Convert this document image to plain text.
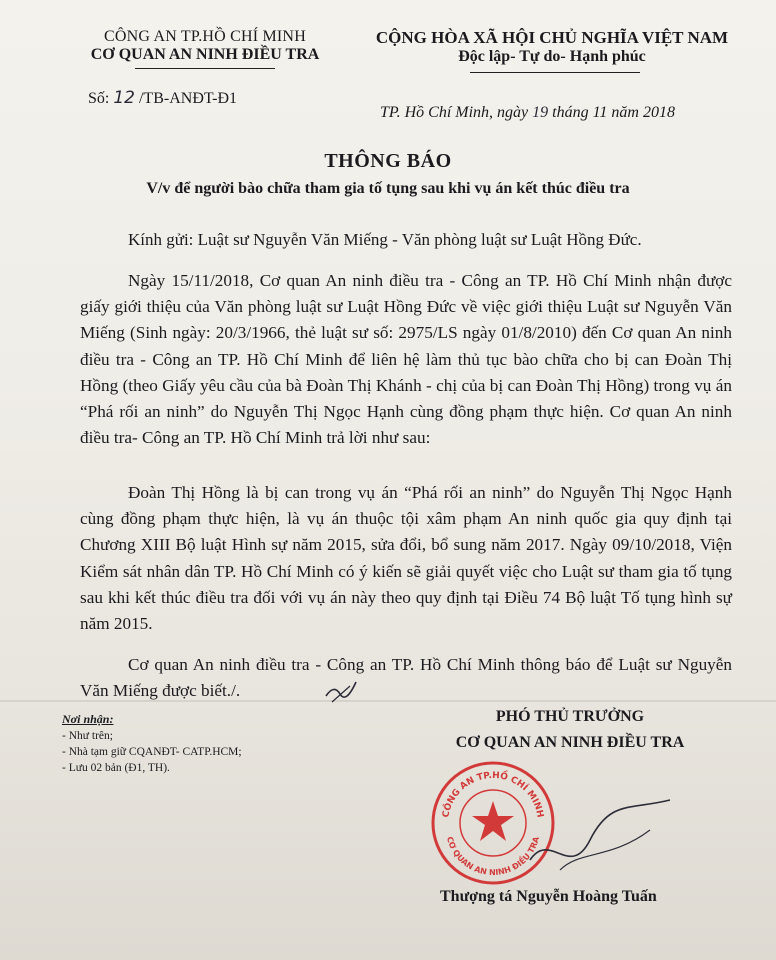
CÔNG AN TP.HỒ CHÍ MINH
CƠ QUAN AN NINH ĐIỀU TRA
CỘNG HÒA XÃ HỘI CHỦ NGHĨA VIỆT NAM
Độc lập- Tự do- Hạnh phúc
Số: 12 /TB-ANĐT-Đ1
TP. Hồ Chí Minh, ngày 19 tháng 11 năm 2018
THÔNG BÁO
V/v để người bào chữa tham gia tố tụng sau khi vụ án kết thúc điều tra
Kính gửi: Luật sư Nguyễn Văn Miếng - Văn phòng luật sư Luật Hồng Đức.

Ngày 15/11/2018, Cơ quan An ninh điều tra - Công an TP. Hồ Chí Minh nhận được giấy giới thiệu của Văn phòng luật sư Luật Hồng Đức về việc giới thiệu Luật sư Nguyễn Văn Miếng (Sinh ngày: 20/3/1966, thẻ luật sư số: 2975/LS ngày 01/8/2010) đến Cơ quan An ninh điều tra - Công an TP. Hồ Chí Minh để liên hệ làm thủ tục bào chữa cho bị can Đoàn Thị Hồng (theo Giấy yêu cầu của bà Đoàn Thị Khánh - chị của bị can Đoàn Thị Hồng) trong vụ án “Phá rối an ninh” do Nguyễn Thị Ngọc Hạnh cùng đồng phạm thực hiện. Cơ quan An ninh điều tra- Công an TP. Hồ Chí Minh trả lời như sau:

Đoàn Thị Hồng là bị can trong vụ án “Phá rối an ninh” do Nguyễn Thị Ngọc Hạnh cùng đồng phạm thực hiện, là vụ án thuộc tội xâm phạm An ninh quốc gia quy định tại Chương XIII Bộ luật Hình sự năm 2015, sửa đổi, bổ sung năm 2017. Ngày 09/10/2018, Viện Kiểm sát nhân dân TP. Hồ Chí Minh có ý kiến sẽ giải quyết việc cho Luật sư tham gia tố tụng sau khi kết thúc điều tra đối với vụ án này theo quy định tại Điều 74 Bộ luật Tố tụng hình sự năm 2015.

Cơ quan An ninh điều tra - Công an TP. Hồ Chí Minh thông báo để Luật sư Nguyễn Văn Miếng được biết./.

Nơi nhận:
- Như trên;
- Nhà tạm giữ CQANĐT- CATP.HCM;
- Lưu 02 bản (Đ1, TH).
PHÓ THỦ TRƯỞNG
CƠ QUAN AN NINH ĐIỀU TRA
CÔNG AN TP.HỒ CHÍ MINH
CƠ QUAN AN NINH ĐIỀU TRA
Thượng tá Nguyễn Hoàng Tuấn
